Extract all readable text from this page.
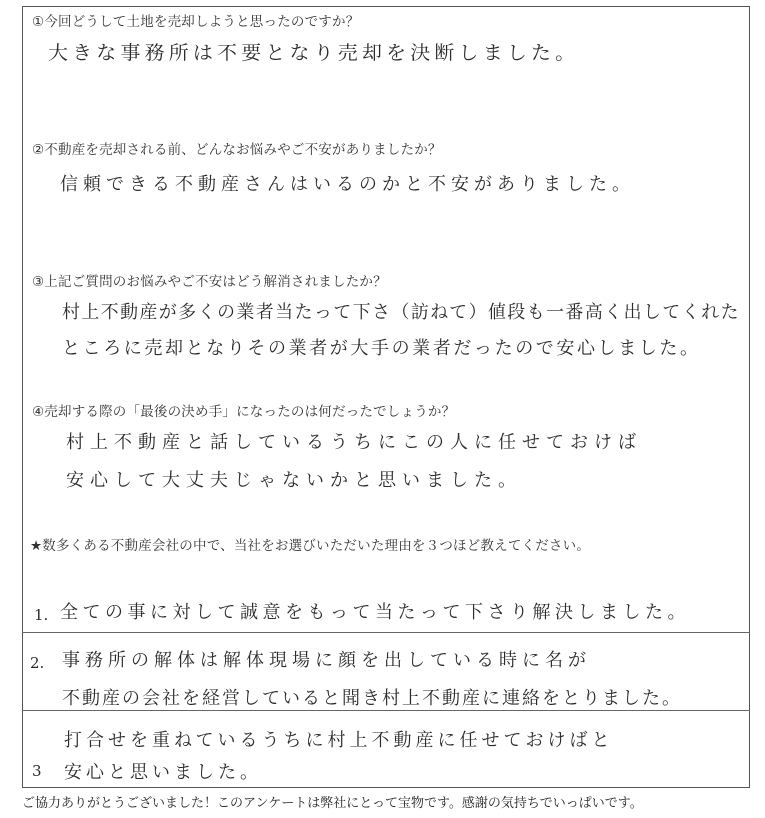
①今回どうして土地を売却しようと思ったのですか？
大きな事務所は不要となり売却を決断しました。
②不動産を売却される前、どんなお悩みやご不安がありましたか？
信頼できる不動産さんはいるのかと不安がありました。
③上記ご質問のお悩みやご不安はどう解消されましたか？
村上不動産が多くの業者当たって下さ（訪ねて）値段も一番高く出してくれた
ところに売却となりその業者が大手の業者だったので安心しました。
④売却する際の「最後の決め手」になったのは何だったでしょうか？
村上不動産と話しているうちにこの人に任せておけば
安心して大丈夫じゃないかと思いました。
★数多くある不動産会社の中で、当社をお選びいただいた理由を３つほど教えてください。
1. 全ての事に対して誠意をもって当たって下さり解決しました。
2. 事務所の解体は解体現場に顔を出している時に名が
不動産の会社を経営していると聞き村上不動産に連絡をとりました。
打合せを重ねているうちに村上不動産に任せておけばと
3 安心と思いました。
ご協力ありがとうございました！このアンケートは弊社にとって宝物です。感謝の気持ちでいっぱいです。
